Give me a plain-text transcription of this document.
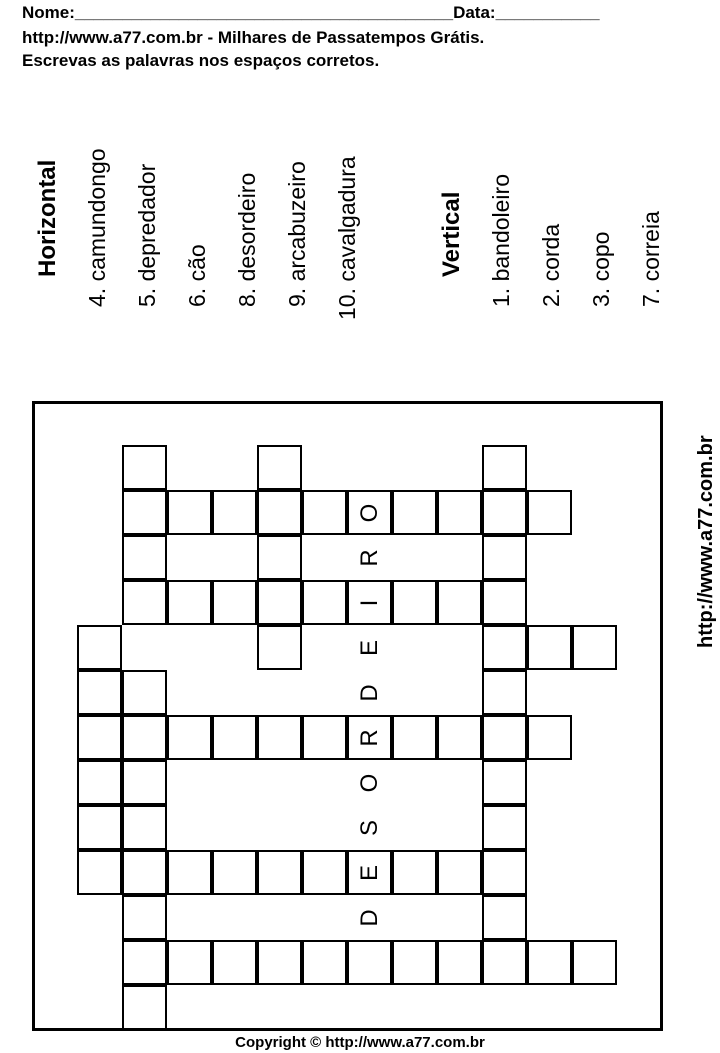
Nome:________________________________________Data:___________
http://www.a77.com.br - Milhares de Passatempos Grátis.
Escrevas as palavras nos espaços corretos.
Horizontal 4. camundongo 5. depredador 6. cão 8. desordeiro 9. arcabuzeiro 10. cavalgadura	Vertical 1. bandoleiro 2. corda 3. copo 7. correia
http://www.a77.com.br
D
E
S
O
R
D
E
I
R
O
Copyright © http://www.a77.com.br
